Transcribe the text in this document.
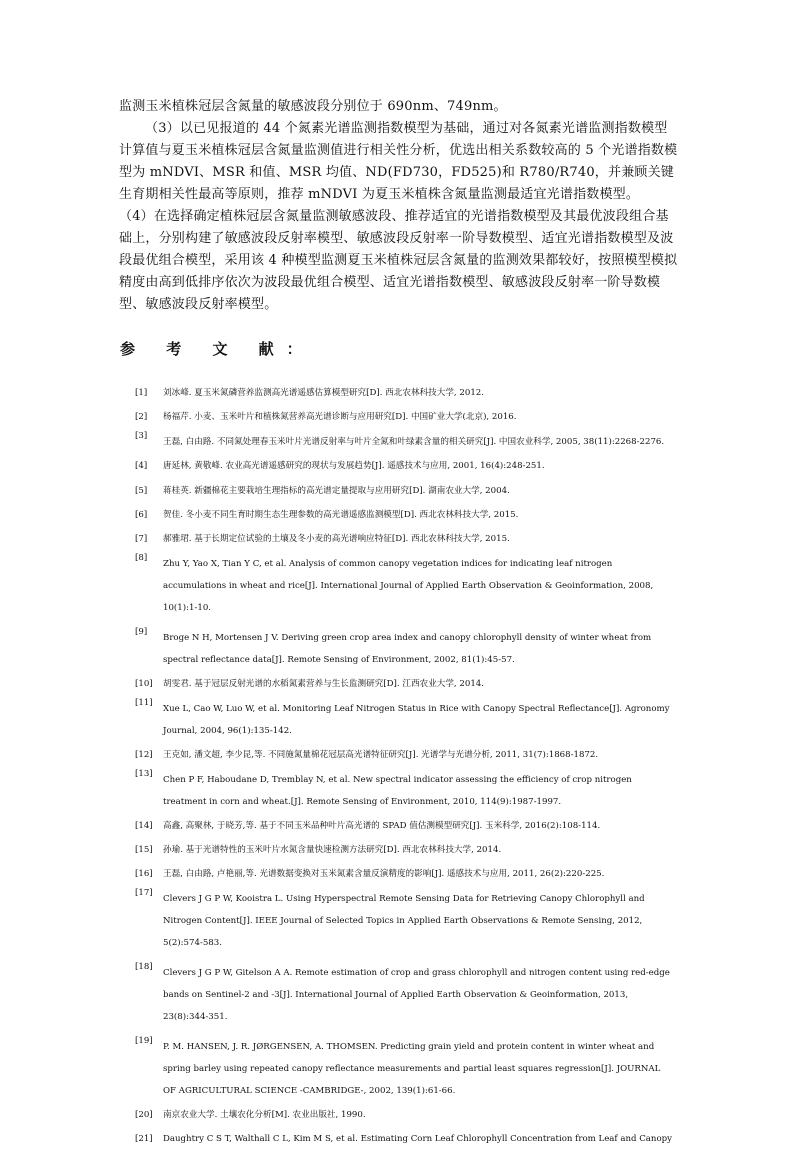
监测玉米植株冠层含氮量的敏感波段分别位于 690nm、749nm。

（3）以已见报道的 44 个氮素光谱监测指数模型为基础，通过对各氮素光谱监测指数模型计算值与夏玉米植株冠层含氮量监测值进行相关性分析，优选出相关系数较高的 5 个光谱指数模型为 mNDVI、MSR 和值、MSR 均值、ND(FD730，FD525)和 R780/R740，并兼顾关键生育期相关性最高等原则，推荐 mNDVI 为夏玉米植株含氮量监测最适宜光谱指数模型。

（4）在选择确定植株冠层含氮量监测敏感波段、推荐适宜的光谱指数模型及其最优波段组合基础上，分别构建了敏感波段反射率模型、敏感波段反射率一阶导数模型、适宜光谱指数模型及波段最优组合模型，采用该 4 种模型监测夏玉米植株冠层含氮量的监测效果都较好，按照模型模拟精度由高到低排序依次为波段最优组合模型、适宜光谱指数模型、敏感波段反射率一阶导数模型、敏感波段反射率模型。

参 考 文 献：
[1] 刘冰峰. 夏玉米氮磷营养监测高光谱遥感估算模型研究[D]. 西北农林科技大学, 2012.
[2] 杨福芹. 小麦、玉米叶片和植株氮营养高光谱诊断与应用研究[D]. 中国矿业大学(北京), 2016.
[3]
王磊, 白由路. 不同氮处理春玉米叶片光谱反射率与叶片全氮和叶绿素含量的相关研究[J]. 中国农业科学, 2005, 38(11):2268-2276.
[4] 唐延林, 黄敬峰. 农业高光谱遥感研究的现状与发展趋势[J]. 遥感技术与应用, 2001, 16(4):248-251.
[5] 蒋桂英. 新疆棉花主要栽培生理指标的高光谱定量提取与应用研究[D]. 湖南农业大学, 2004.
[6] 贺佳. 冬小麦不同生育时期生态生理参数的高光谱遥感监测模型[D]. 西北农林科技大学, 2015.
[7] 郝雅珺. 基于长期定位试验的土壤及冬小麦的高光谱响应特征[D]. 西北农林科技大学, 2015.
[8]
Zhu Y, Yao X, Tian Y C, et al. Analysis of common canopy vegetation indices for indicating leaf nitrogen accumulations in wheat and rice[J]. International Journal of Applied Earth Observation & Geoinformation, 2008, 10(1):1-10.
[9]
Broge N H, Mortensen J V. Deriving green crop area index and canopy chlorophyll density of winter wheat from spectral reflectance data[J]. Remote Sensing of Environment, 2002, 81(1):45-57.
[10] 胡雯君. 基于冠层反射光谱的水稻氮素营养与生长监测研究[D]. 江西农业大学, 2014.
[11]
Xue L, Cao W, Luo W, et al. Monitoring Leaf Nitrogen Status in Rice with Canopy Spectral Reflectance[J]. Agronomy Journal, 2004, 96(1):135-142.
[12] 王克如, 潘文超, 李少昆,等. 不同施氮量棉花冠层高光谱特征研究[J]. 光谱学与光谱分析, 2011, 31(7):1868-1872.
[13]
Chen P F, Haboudane D, Tremblay N, et al. New spectral indicator assessing the efficiency of crop nitrogen treatment in corn and wheat.[J]. Remote Sensing of Environment, 2010, 114(9):1987-1997.
[14] 高鑫, 高聚林, 于晓芳,等. 基于不同玉米品种叶片高光谱的 SPAD 值估测模型研究[J]. 玉米科学, 2016(2):108-114.
[15] 孙瑜. 基于光谱特性的玉米叶片水氮含量快速检测方法研究[D]. 西北农林科技大学, 2014.
[16] 王磊, 白由路, 卢艳丽,等. 光谱数据变换对玉米氮素含量反演精度的影响[J]. 遥感技术与应用, 2011, 26(2):220-225.
[17]
Clevers J G P W, Kooistra L. Using Hyperspectral Remote Sensing Data for Retrieving Canopy Chlorophyll and Nitrogen Content[J]. IEEE Journal of Selected Topics in Applied Earth Observations & Remote Sensing, 2012, 5(2):574-583.
[18]
Clevers J G P W, Gitelson A A. Remote estimation of crop and grass chlorophyll and nitrogen content using red-edge bands on Sentinel-2 and -3[J]. International Journal of Applied Earth Observation & Geoinformation, 2013, 23(8):344-351.
[19]
P. M. HANSEN, J. R. JØRGENSEN, A. THOMSEN. Predicting grain yield and protein content in winter wheat and spring barley using repeated canopy reflectance measurements and partial least squares regression[J]. JOURNAL OF AGRICULTURAL SCIENCE -CAMBRIDGE-, 2002, 139(1):61-66.
[20] 南京农业大学. 土壤农化分析[M]. 农业出版社, 1990.
[21] Daughtry C S T, Walthall C L, Kim M S, et al. Estimating Corn Leaf Chlorophyll Concentration from Leaf and Canopy
